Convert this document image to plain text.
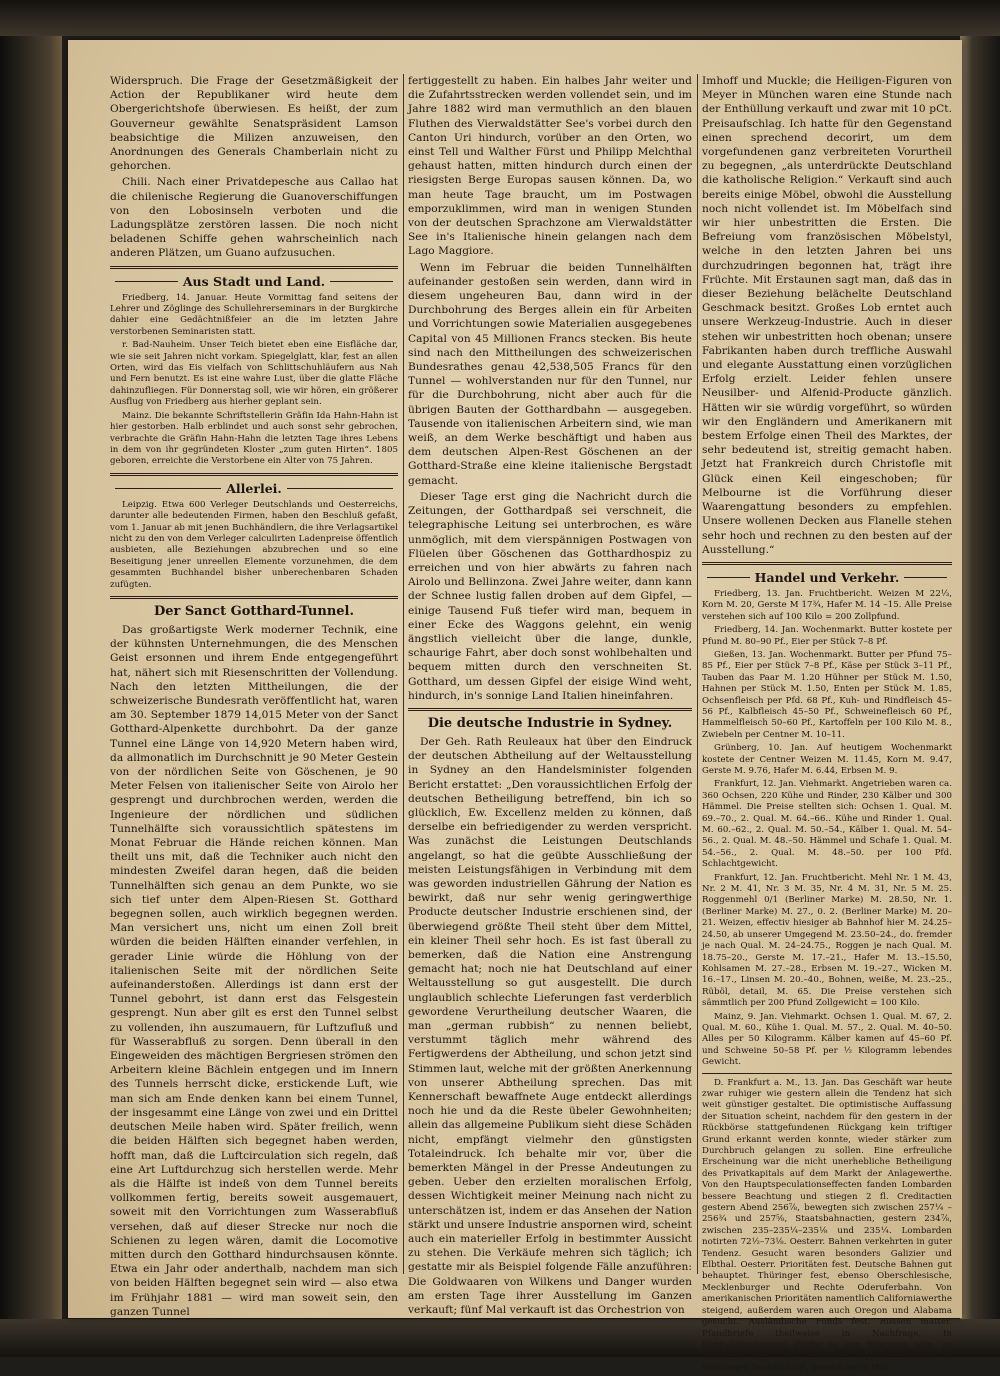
Widerspruch. Die Frage der Gesetzmäßigkeit der Action der Republikaner wird heute dem Obergerichtshofe überwiesen. Es heißt, der zum Gouverneur gewählte Senatspräsident Lamson beabsichtige die Milizen anzuweisen, den Anordnungen des Generals Chamberlain nicht zu gehorchen.

Chili. Nach einer Privatdepesche aus Callao hat die chilenische Regierung die Guanoverschiffungen von den Lobosinseln verboten und die Ladungsplätze zerstören lassen. Die noch nicht beladenen Schiffe gehen wahrscheinlich nach anderen Plätzen, um Guano aufzusuchen.

Aus Stadt und Land.

Friedberg, 14. Januar. Heute Vormittag fand seitens der Lehrer und Zöglinge des Schullehrerseminars in der Burgkirche dahier eine Gedächtnißfeier an die im letzten Jahre verstorbenen Seminaristen statt.

r. Bad-Nauheim. Unser Teich bietet eben eine Eisfläche dar, wie sie seit Jahren nicht vorkam. Spiegelglatt, klar, fest an allen Orten, wird das Eis vielfach von Schlittschuhläufern aus Nah und Fern benutzt. Es ist eine wahre Lust, über die glatte Fläche dahinzufliegen. Für Donnerstag soll, wie wir hören, ein größerer Ausflug von Friedberg aus hierher geplant sein.

Mainz. Die bekannte Schriftstellerin Gräfin Ida Hahn-Hahn ist hier gestorben. Halb erblindet und auch sonst sehr gebrochen, verbrachte die Gräfin Hahn-Hahn die letzten Tage ihres Lebens in dem von ihr gegründeten Kloster „zum guten Hirten“. 1805 geboren, erreichte die Verstorbene ein Alter von 75 Jahren.

Allerlei.

Leipzig. Etwa 600 Verleger Deutschlands und Oesterreichs, darunter alle bedeutenden Firmen, haben den Beschluß gefaßt, vom 1. Januar ab mit jenen Buchhändlern, die ihre Verlagsartikel nicht zu den von dem Verleger calculirten Ladenpreise öffentlich ausbieten, alle Beziehungen abzubrechen und so eine Beseitigung jener unreellen Elemente vorzunehmen, die dem gesammten Buchhandel bisher unberechenbaren Schaden zufügten.

Der Sanct Gotthard-Tunnel.

Das großartigste Werk moderner Technik, eine der kühnsten Unternehmungen, die des Menschen Geist ersonnen und ihrem Ende entgegengeführt hat, nähert sich mit Riesenschritten der Vollendung. Nach den letzten Mittheilungen, die der schweizerische Bundesrath veröffentlicht hat, waren am 30. September 1879 14,015 Meter von der Sanct Gotthard-Alpenkette durchbohrt. Da der ganze Tunnel eine Länge von 14,920 Metern haben wird, da allmonatlich im Durchschnitt je 90 Meter Gestein von der nördlichen Seite von Göschenen, je 90 Meter Felsen von italienischer Seite von Airolo her gesprengt und durchbrochen werden, werden die Ingenieure der nördlichen und südlichen Tunnelhälfte sich voraussichtlich spätestens im Monat Februar die Hände reichen können. Man theilt uns mit, daß die Techniker auch nicht den mindesten Zweifel daran hegen, daß die beiden Tunnelhälften sich genau an dem Punkte, wo sie sich tief unter dem Alpen-Riesen St. Gotthard begegnen sollen, auch wirklich begegnen werden. Man versichert uns, nicht um einen Zoll breit würden die beiden Hälften einander verfehlen, in gerader Linie würde die Höhlung von der italienischen Seite mit der nördlichen Seite aufeinanderstoßen. Allerdings ist dann erst der Tunnel gebohrt, ist dann erst das Felsgestein gesprengt. Nun aber gilt es erst den Tunnel selbst zu vollenden, ihn auszumauern, für Luftzufluß und für Wasserabfluß zu sorgen. Denn überall in den Eingeweiden des mächtigen Bergriesen strömen den Arbeitern kleine Bächlein entgegen und im Innern des Tunnels herrscht dicke, erstickende Luft, wie man sich am Ende denken kann bei einem Tunnel, der insgesammt eine Länge von zwei und ein Drittel deutschen Meile haben wird. Später freilich, wenn die beiden Hälften sich begegnet haben werden, hofft man, daß die Luftcirculation sich regeln, daß eine Art Luftdurchzug sich herstellen werde. Mehr als die Hälfte ist indeß von dem Tunnel bereits vollkommen fertig, bereits soweit ausgemauert, soweit mit den Vorrichtungen zum Wasserabfluß versehen, daß auf dieser Strecke nur noch die Schienen zu legen wären, damit die Locomotive mitten durch den Gotthard hindurchsausen könnte. Etwa ein Jahr oder anderthalb, nachdem man sich von beiden Hälften begegnet sein wird — also etwa im Frühjahr 1881 — wird man soweit sein, den ganzen Tunnel

fertiggestellt zu haben. Ein halbes Jahr weiter und die Zufahrtsstrecken werden vollendet sein, und im Jahre 1882 wird man vermuthlich an den blauen Fluthen des Vierwaldstätter See's vorbei durch den Canton Uri hindurch, vorüber an den Orten, wo einst Tell und Walther Fürst und Philipp Melchthal gehaust hatten, mitten hindurch durch einen der riesigsten Berge Europas sausen können. Da, wo man heute Tage braucht, um im Postwagen emporzuklimmen, wird man in wenigen Stunden von der deutschen Sprachzone am Vierwaldstätter See in's Italienische hinein gelangen nach dem Lago Maggiore.

Wenn im Februar die beiden Tunnelhälften aufeinander gestoßen sein werden, dann wird in diesem ungeheuren Bau, dann wird in der Durchbohrung des Berges allein ein für Arbeiten und Vorrichtungen sowie Materialien ausgegebenes Capital von 45 Millionen Francs stecken. Bis heute sind nach den Mittheilungen des schweizerischen Bundesrathes genau 42,538,505 Francs für den Tunnel — wohlverstanden nur für den Tunnel, nur für die Durchbohrung, nicht aber auch für die übrigen Bauten der Gotthardbahn — ausgegeben. Tausende von italienischen Arbeitern sind, wie man weiß, an dem Werke beschäftigt und haben aus dem deutschen Alpen-Rest Göschenen an der Gotthard-Straße eine kleine italienische Bergstadt gemacht.

Dieser Tage erst ging die Nachricht durch die Zeitungen, der Gotthardpaß sei verschneit, die telegraphische Leitung sei unterbrochen, es wäre unmöglich, mit dem vierspännigen Postwagen von Flüelen über Göschenen das Gotthardhospiz zu erreichen und von hier abwärts zu fahren nach Airolo und Bellinzona. Zwei Jahre weiter, dann kann der Schnee lustig fallen droben auf dem Gipfel, — einige Tausend Fuß tiefer wird man, bequem in einer Ecke des Waggons gelehnt, ein wenig ängstlich vielleicht über die lange, dunkle, schaurige Fahrt, aber doch sonst wohlbehalten und bequem mitten durch den verschneiten St. Gotthard, um dessen Gipfel der eisige Wind weht, hindurch, in's sonnige Land Italien hineinfahren.

Die deutsche Industrie in Sydney.

Der Geh. Rath Reuleaux hat über den Eindruck der deutschen Abtheilung auf der Weltausstellung in Sydney an den Handelsminister folgenden Bericht erstattet: „Den voraussichtlichen Erfolg der deutschen Betheiligung betreffend, bin ich so glücklich, Ew. Excellenz melden zu können, daß derselbe ein befriedigender zu werden verspricht. Was zunächst die Leistungen Deutschlands angelangt, so hat die geübte Ausschließung der meisten Leistungsfähigen in Verbindung mit dem was geworden industriellen Gährung der Nation es bewirkt, daß nur sehr wenig geringwerthige Producte deutscher Industrie erschienen sind, der überwiegend größte Theil steht über dem Mittel, ein kleiner Theil sehr hoch. Es ist fast überall zu bemerken, daß die Nation eine Anstrengung gemacht hat; noch nie hat Deutschland auf einer Weltausstellung so gut ausgestellt. Die durch unglaublich schlechte Lieferungen fast verderblich gewordene Verurtheilung deutscher Waaren, die man „german rubbish“ zu nennen beliebt, verstummt täglich mehr während des Fertigwerdens der Abtheilung, und schon jetzt sind Stimmen laut, welche mit der größten Anerkennung von unserer Abtheilung sprechen. Das mit Kennerschaft bewaffnete Auge entdeckt allerdings noch hie und da die Reste übeler Gewohnheiten; allein das allgemeine Publikum sieht diese Schäden nicht, empfängt vielmehr den günstigsten Totaleindruck. Ich behalte mir vor, über die bemerkten Mängel in der Presse Andeutungen zu geben. Ueber den erzielten moralischen Erfolg, dessen Wichtigkeit meiner Meinung nach nicht zu unterschätzen ist, indem er das Ansehen der Nation stärkt und unsere Industrie anspornen wird, scheint auch ein materieller Erfolg in bestimmter Aussicht zu stehen. Die Verkäufe mehren sich täglich; ich gestatte mir als Beispiel folgende Fälle anzuführen: Die Goldwaaren von Wilkens und Danger wurden am ersten Tage ihrer Ausstellung im Ganzen verkauft; fünf Mal verkauft ist das Orchestrion von

Imhoff und Muckle; die Heiligen-Figuren von Meyer in München waren eine Stunde nach der Enthüllung verkauft und zwar mit 10 pCt. Preisaufschlag. Ich hatte für den Gegenstand einen sprechend decorirt, um dem vorgefundenen ganz verbreiteten Vorurtheil zu begegnen, „als unterdrückte Deutschland die katholische Religion.“ Verkauft sind auch bereits einige Möbel, obwohl die Ausstellung noch nicht vollendet ist. Im Möbelfach sind wir hier unbestritten die Ersten. Die Befreiung vom französischen Möbelstyl, welche in den letzten Jahren bei uns durchzudringen begonnen hat, trägt ihre Früchte. Mit Erstaunen sagt man, daß das in dieser Beziehung belächelte Deutschland Geschmack besitzt. Großes Lob erntet auch unsere Werkzeug-Industrie. Auch in dieser stehen wir unbestritten hoch obenan; unsere Fabrikanten haben durch treffliche Auswahl und elegante Ausstattung einen vorzüglichen Erfolg erzielt. Leider fehlen unsere Neusilber- und Alfenid-Producte gänzlich. Hätten wir sie würdig vorgeführt, so würden wir den Engländern und Amerikanern mit bestem Erfolge einen Theil des Marktes, der sehr bedeutend ist, streitig gemacht haben. Jetzt hat Frankreich durch Christofle mit Glück einen Keil eingeschoben; für Melbourne ist die Vorführung dieser Waarengattung besonders zu empfehlen. Unsere wollenen Decken aus Flanelle stehen sehr hoch und rechnen zu den besten auf der Ausstellung.“

Handel und Verkehr.

Friedberg, 13. Jan. Fruchtbericht. Weizen M 22⅓, Korn M. 20, Gerste M 17¾, Hafer M. 14 –15. Alle Preise verstehen sich auf 100 Kilo = 200 Zollpfund.

Friedberg, 14. Jan. Wochenmarkt. Butter kostete per Pfund M. 80–90 Pf., Eier per Stück 7–8 Pf.

Gießen, 13. Jan. Wochenmarkt. Butter per Pfund 75–85 Pf., Eier per Stück 7–8 Pf., Käse per Stück 3–11 Pf., Tauben das Paar M. 1.20 Hühner per Stück M. 1.50, Hahnen per Stück M. 1.50, Enten per Stück M. 1.85, Ochsenfleisch per Pfd. 68 Pf., Kuh- und Rindfleisch 45–56 Pf., Kalbfleisch 45–50 Pf., Schweinefleisch 60 Pf., Hammelfleisch 50–60 Pf., Kartoffeln per 100 Kilo M. 8., Zwiebeln per Centner M. 10–11.

Grünberg, 10. Jan. Auf heutigem Wochenmarkt kostete der Centner Weizen M. 11.45, Korn M. 9.47, Gerste M. 9.76, Hafer M. 6.44, Erbsen M. 9.

Frankfurt, 12. Jan. Viehmarkt. Angetrieben waren ca. 360 Ochsen, 220 Kühe und Rinder, 230 Kälber und 300 Hämmel. Die Preise stellten sich: Ochsen 1. Qual. M. 69.–70., 2. Qual. M. 64.–66.. Kühe und Rinder 1. Qual. M. 60.–62., 2. Qual. M. 50.–54., Kälber 1. Qual. M. 54–56., 2. Qual. M. 48.–50. Hämmel und Schafe 1. Qual. M. 54.–56., 2. Qual. M. 48.–50. per 100 Pfd. Schlachtgewicht.

Frankfurt, 12. Jan. Fruchtbericht. Mehl Nr. 1 M. 43, Nr. 2 M. 41, Nr. 3 M. 35, Nr. 4 M. 31, Nr. 5 M. 25. Roggenmehl 0/1 (Berliner Marke) M. 28.50, Nr. 1. (Berliner Marke) M. 27., 0. 2. (Berliner Marke) M. 20–21. Weizen, effectiv hiesiger ab Bahnhof hier M. 24.25–24.50, ab unserer Umgegend M. 23.50–24., do. fremder je nach Qual. M. 24–24.75., Roggen je nach Qual. M. 18.75–20., Gerste M. 17.–21., Hafer M. 13.–15.50, Kohlsamen M. 27.–28., Erbsen M. 19.–27., Wicken M. 16.–17., Linsen M. 20.–40., Bohnen, weiße, M. 23.–25., Rüböl, detail, M. 65. Die Preise verstehen sich sämmtlich per 200 Pfund Zollgewicht = 100 Kilo.

Mainz, 9. Jan. Viehmarkt. Ochsen 1. Qual. M. 67, 2. Qual. M. 60., Kühe 1. Qual. M. 57., 2. Qual. M. 40–50. Alles per 50 Kilogramm. Kälber kamen auf 45–60 Pf. und Schweine 50–58 Pf. per ½ Kilogramm lebendes Gewicht.

D. Frankfurt a. M., 13. Jan. Das Geschäft war heute zwar ruhiger wie gestern allein die Tendenz hat sich weit günstiger gestaltet. Die optimistische Auffassung der Situation scheint, nachdem für den gestern in der Rückbörse stattgefundenen Rückgang kein triftiger Grund erkannt werden konnte, wieder stärker zum Durchbruch gelangen zu sollen. Eine erfreuliche Erscheinung war die nicht unerhebliche Betheiligung des Privatkapitals auf dem Markt der Anlagewerthe. Von den Hauptspeculationseffecten fanden Lombarden bessere Beachtung und stiegen 2 fl. Creditactien gestern Abend 256⅞, bewegten sich zwischen 257¼ – 256¾ und 257⅝, Staatsbahnactien, gestern 234⅞, zwischen 235–235¼–235⅛ und 235¼. Lombarden notirten 72½–73⅛. Oesterr. Bahnen verkehrten in guter Tendenz. Gesucht waren besonders Galizier und Elbthal. Oesterr. Prioritäten fest. Deutsche Bahnen gut behauptet. Thüringer fest, ebenso Oberschlesische, Mecklenburger und Rechte Oderuferbahn. Von amerikanischen Prioritäten namentlich Californiawerthe steigend, außerdem waren auch Oregon und Alabama gesucht. Ausländische Fonds fest. Russen matter. Pfandbriefe theilweise in Nachfrage. In Kapitalistenkreisen dürfte es von Interesse sein, zu erfahren, daß die deutsche Hypothekenbank in Meiningen beabsichtigt, demnächst 4 Mill.
